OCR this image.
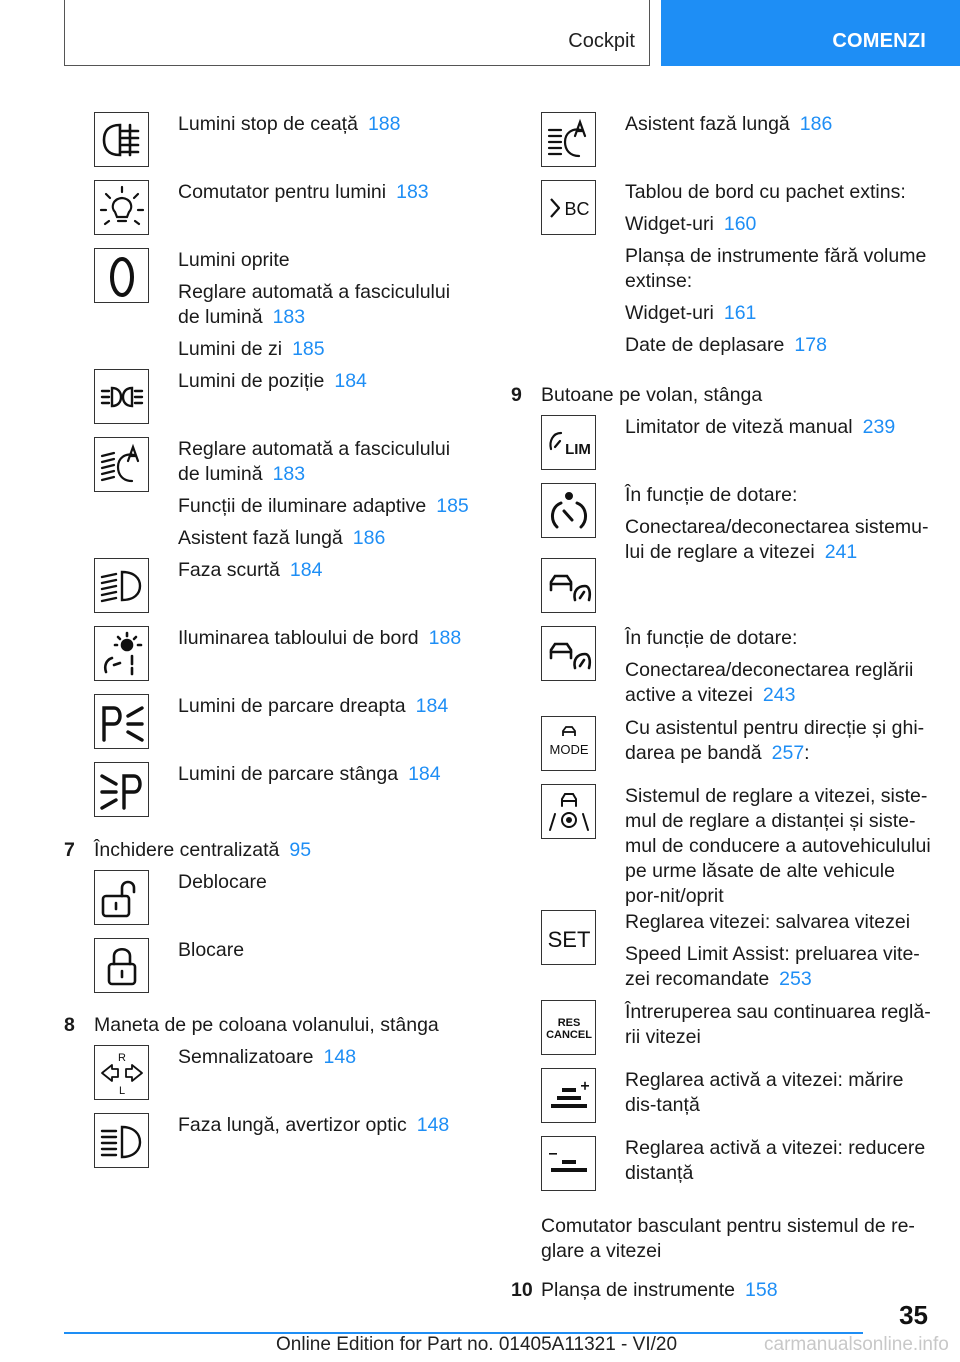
Cockpit	COMENZI
Lumini stop de ceață 188
Comutator pentru lumini 183
Lumini oprite
Reglare automată a fasciculului de lumină 183
Lumini de zi 185
Lumini de poziție 184
Reglare automată a fasciculului de lumină 183
Funcții de iluminare adaptive 185
Asistent fază lungă 186
Faza scurtă 184
Iluminarea tabloului de bord 188
Lumini de parcare dreapta 184
Lumini de parcare stânga 184
7 Închidere centralizată 95
Deblocare
Blocare
8 Maneta de pe coloana volanului, stânga
R
L
Semnalizatoare 148
Faza lungă, avertizor optic 148
Asistent fază lungă 186
BC
Tablou de bord cu pachet extins:
Widget-uri 160
Planșa de instrumente fără volume extinse:
Widget-uri 161
Date de deplasare 178
9 Butoane pe volan, stânga
LIM
Limitator de viteză manual 239
În funcție de dotare:
Conectarea/deconectarea sistemu-lui de reglare a vitezei 241
În funcție de dotare:
Conectarea/deconectarea reglării active a vitezei 243
MODE
Cu asistentul pentru direcție și ghi-darea pe bandă 257:
Sistemul de reglare a vitezei, siste-mul de reglare a distanței și siste-mul de conducere a autovehiculului pe urme lăsate de alte vehicule por-nit/oprit
SET
Reglarea vitezei: salvarea vitezei
Speed Limit Assist: preluarea vite-zei recomandate 253
RES
CANCEL
Întreruperea sau continuarea reglă-rii vitezei
Reglarea activă a vitezei: mărire dis-tanță
Reglarea activă a vitezei: reducere distanță
Comutator basculant pentru sistemul de re-glare a vitezei
10 Planșa de instrumente 158
35
Online Edition for Part no. 01405A11321 - VI/20	carmanualsonline.info
